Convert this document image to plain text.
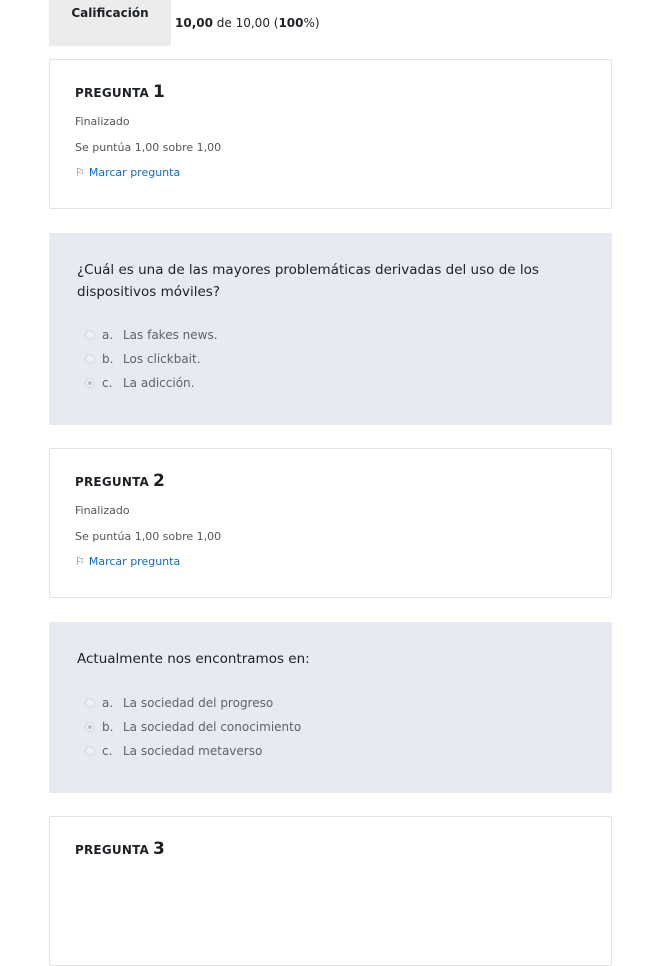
Calificación
10,00 de 10,00 (100%)
PREGUNTA 1
Finalizado
Se puntúa 1,00 sobre 1,00
⚐ Marcar pregunta
¿Cuál es una de las mayores problemáticas derivadas del uso de los dispositivos móviles?
a. Las fakes news.
b. Los clickbait.
c. La adicción.
PREGUNTA 2
Finalizado
Se puntúa 1,00 sobre 1,00
⚐ Marcar pregunta
Actualmente nos encontramos en:
a. La sociedad del progreso
b. La sociedad del conocimiento
c. La sociedad metaverso
PREGUNTA 3
